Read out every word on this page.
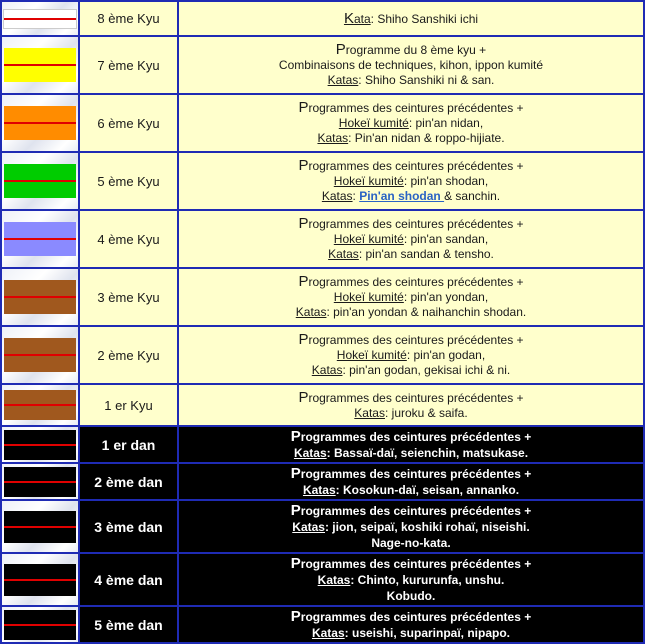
	8 ème Kyu	Kata: Shiho Sanshiki ichi

	7 ème Kyu	Programme du 8 ème kyu +
Combinaisons de techniques, kihon, ippon kumité
Katas: Shiho Sanshiki ni & san.

	6 ème Kyu	Programmes des ceintures précédentes +
Hokeï kumité: pin'an nidan,
Katas: Pin'an nidan & roppo-hijiate.

	5 ème Kyu	Programmes des ceintures précédentes +
Hokeï kumité: pin'an shodan,
Katas: Pin'an shodan & sanchin.

	4 ème Kyu	Programmes des ceintures précédentes +
Hokeï kumité: pin'an sandan,
Katas: pin'an sandan & tensho.

	3 ème Kyu	Programmes des ceintures précédentes +
Hokeï kumité: pin'an yondan,
Katas: pin'an yondan & naihanchin shodan.

	2 ème Kyu	Programmes des ceintures précédentes +
Hokeï kumité: pin'an godan,
Katas: pin'an godan, gekisai ichi & ni.

	1 er Kyu	Programmes des ceintures précédentes +
Katas: juroku & saifa.

	1 er dan	Programmes des ceintures précédentes +
Katas: Bassaï-daï, seienchin, matsukase.

	2 ème dan	Programmes des ceintures précédentes +
Katas: Kosokun-daï, seisan, annanko.

	3 ème dan	Programmes des ceintures précédentes +
Katas: jion, seipaï, koshiki rohaï, niseishi.
Nage-no-kata.

	4 ème dan	Programmes des ceintures précédentes +
Katas: Chinto, kururunfa, unshu.
Kobudo.

	5 ème dan	Programmes des ceintures précédentes +
Katas: useishi, suparinpaï, nipapo.
